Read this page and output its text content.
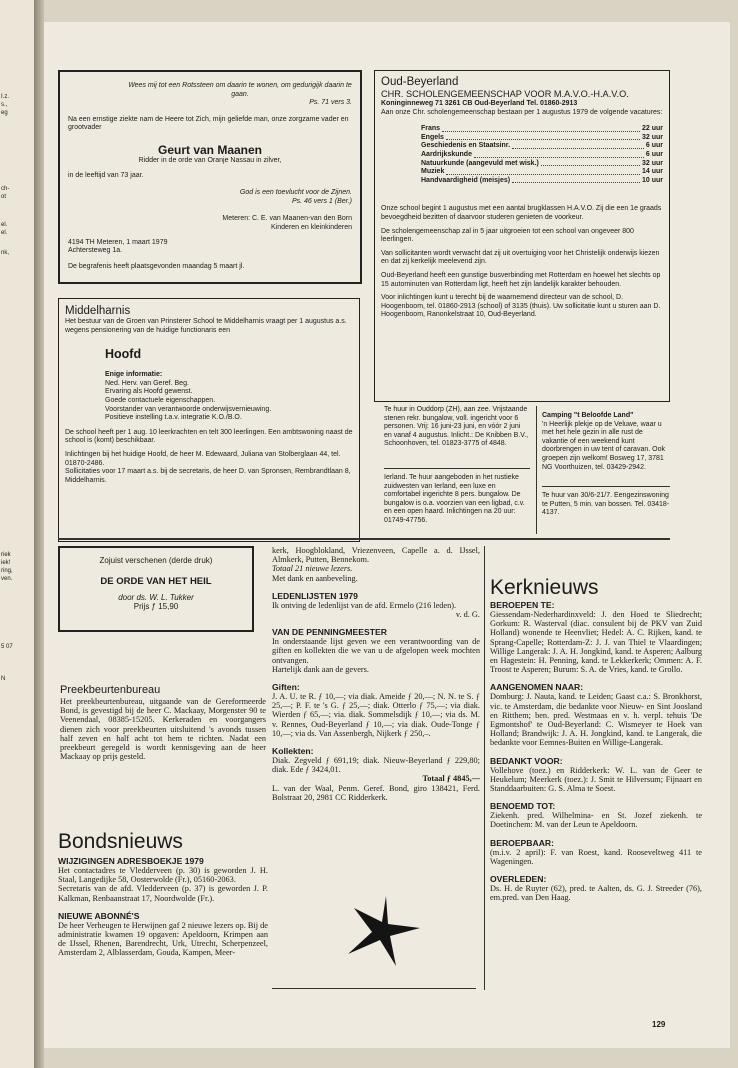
I.z.
s.,
eg
ch-
ot
el.
el.
nk,
riek
iek!
ring,
ven.
5 07
N

Wees mij tot een Rotssteen om daarin te wonen, om gedurigijk daarin te gaan.

Ps. 71 vers 3.

Na een ernstige ziekte nam de Heere tot Zich, mijn geliefde man, onze zorgzame vader en grootvader

Geurt van Maanen

Ridder in de orde van Oranje Nassau in zilver,

in de leeftijd van 73 jaar.

God is een toevlucht voor de Zijnen.

Ps. 46 vers 1 (Ber.)

Meteren: C. E. van Maanen-van den Born

Kinderen en kleinkinderen

4194 TH Meteren, 1 maart 1979

Achtersteweg 1a.

De begrafenis heeft plaatsgevonden maandag 5 maart jl.

Middelharnis

Het bestuur van de Groen van Prinsterer School te Middelharnis vraagt per 1 augustus a.s. wegens pensionering van de huidige functionaris een

Hoofd

Enige informatie:

Ned. Herv. van Geref. Beg.

Ervaring als Hoofd gewenst.

Goede contactuele eigenschappen.

Voorstander van verantwoorde onderwijsvernieuwing.

Positieve instelling t.a.v. integratie K.O./B.O.

De school heeft per 1 aug. 10 leerkrachten en telt 300 leerlingen. Een ambtswoning naast de school is (komt) beschikbaar.

Inlichtingen bij het huidige Hoofd, de heer M. Edewaard, Juliana van Stolberglaan 44, tel. 01870-2486.

Sollicitaties voor 17 maart a.s. bij de secretaris, de heer D. van Spronsen, Rembrandtlaan 8, Middelharnis.

Oud-Beyerland

CHR. SCHOLENGEMEENSCHAP VOOR M.A.V.O.-H.A.V.O.

Koninginneweg 71 3261 CB Oud-Beyerland Tel. 01860-2913

Aan onze Chr. scholengemeenschap bestaan per 1 augustus 1979 de volgende vacatures:

Frans	22 uur
Engels	32 uur
Geschiedenis en Staatsinr.	6 uur
Aardrijkskunde	6 uur
Natuurkunde (aangevuld met wisk.)	32 uur
Muziek	14 uur
Handvaardigheid (meisjes)	10 uur

Onze school begint 1 augustus met een aantal brugklassen H.A.V.O. Zij die een 1e graads bevoegdheid bezitten of daarvoor studeren genieten de voorkeur.

De scholengemeenschap zal in 5 jaar uitgroeien tot een school van ongeveer 800 leerlingen.

Van sollicitanten wordt verwacht dat zij uit overtuiging voor het Christelijk onderwijs kiezen en dat zij kerkelijk meelevend zijn.

Oud-Beyerland heeft een gunstige busverbinding met Rotterdam en hoewel het slechts op 15 autominuten van Rotterdam ligt, heeft het zijn landelijk karakter behouden.

Voor inlichtingen kunt u terecht bij de waarnemend directeur van de school, D. Hoogenboom, tel. 01860-2913 (school) of 3135 (thuis). Uw sollicitatie kunt u sturen aan D. Hoogenboom, Ranonkelstraat 10, Oud-Beyerland.

Te huur in Ouddorp (ZH), aan zee. Vrijstaande stenen rekr. bungalow, voll. ingericht voor 6 personen. Vrij: 16 juni-23 juni, en vóór 2 juni en vanaf 4 augustus. Inlicht.: De Knibben B.V., Schoonhoven, tel. 01823-3775 of 4848.

Ierland. Te huur aangeboden in het rustieke zuidwesten van Ierland, een luxe en comfortabel ingerichte 8 pers. bungalow. De bungalow is o.a. voorzien van een ligbad, c.v. en een open haard. Inlichtingen na 20 uur: 01749-47756.

Camping "t Beloofde Land"

'n Heerlijk plekje op de Veluwe, waar u met het hele gezin in alle rust de vakantie of een weekend kunt doorbrengen in uw tent of caravan. Ook groepen zijn welkom! Bosweg 17, 3781 NG Voorthuizen, tel. 03429-2942.

Te huur van 30/6-21/7. Eengezinswoning te Putten, 5 min. van bossen. Tel. 03418-4137.

Zojuist verschenen (derde druk)

DE ORDE VAN HET HEIL

door ds. W. L. Tukker

Prijs ƒ 15,90

Preekbeurtenbureau

Het preekbeurtenbureau, uitgaande van de Gereformeerde Bond, is gevestigd bij de heer C. Mackaay, Morgenster 90 te Veenendaal, 08385-15205. Kerkeraden en voorgangers dienen zich voor preekbeurten uitsluitend 's avonds tussen half zeven en half acht tot hem te richten. Nadat een preekbeurt geregeld is wordt kennisgeving aan de heer Mackaay op prijs gesteld.

Bondsnieuws

WIJZIGINGEN ADRESBOEKJE 1979

Het contactadres te Vledderveen (p. 30) is geworden J. H. Staal, Langedijke 58, Oosterwolde (Fr.), 05160-2063.

Secretaris van de afd. Vledderveen (p. 37) is geworden J. P. Kalkman, Renbaanstraat 17, Noordwolde (Fr.).

NIEUWE ABONNÉ'S

De heer Verheugen te Herwijnen gaf 2 nieuwe lezers op. Bij de administratie kwamen 19 opgaven: Apeldoorn, Krimpen aan de IJssel, Rhenen, Barendrecht, Urk, Utrecht, Scherpenzeel, Amsterdam 2, Alblasserdam, Gouda, Kampen, Meer-

kerk, Hoogblokland, Vriezenveen, Capelle a. d. IJssel, Almkerk, Putten, Bennekom.

Totaal 21 nieuwe lezers.

Met dank en aanbeveling.

LEDENLIJSTEN 1979

Ik ontving de ledenlijst van de afd. Ermelo (216 leden).

v. d. G.

VAN DE PENNINGMEESTER

In onderstaande lijst geven we een verantwoording van de giften en kollekten die we van u de afgelopen week mochten ontvangen.

Hartelijk dank aan de gevers.

Giften:

J. A. U. te R. ƒ 10,—; via diak. Ameide ƒ 20,—; N. N. te S. ƒ 25,—; P. F. te 's G. ƒ 25,—; diak. Otterlo ƒ 75,—; via diak. Wierden ƒ 65,—; via. diak. Sommelsdijk ƒ 10,—; via ds. M. v. Rennes, Oud-Beyerland ƒ 10,—; via diak. Oude-Tonge ƒ 10,—; via ds. Van Assenbergh, Nijkerk ƒ 250,–.

Kollekten:

Diak. Zegveld ƒ 691,19; diak. Nieuw-Beyerland ƒ 229,80; diak. Ede ƒ 3424,01.

Totaal ƒ 4845,—

L. van der Waal, Penm. Geref. Bond, giro 138421, Ferd. Bolstraat 20, 2981 CC Ridderkerk.

Kerknieuws

BEROEPEN TE:

Giessendam-Nederhardinxveld: J. den Hoed te Sliedrecht; Gorkum: R. Wasterval (diac. consulent bij de PKV van Zuid Holland) wonende te Heenvliet; Hedel: A. C. Rijken, kand. te Sprang-Capelle; Rotterdam-Z: J. J. van Thiel te Vlaardingen; Willige Langerak: J. A. H. Jongkind, kand. te Asperen; Aalburg en Hagestein: H. Penning, kand. te Lekkerkerk; Ommen: A. F. Troost te Asperen; Burum: S. A. de Vries, kand. te Grollo.

AANGENOMEN NAAR:

Domburg: J. Nauta, kand. te Leiden; Gaast c.a.: S. Bronkhorst, vic. te Amsterdam, die bedankte voor Nieuw- en Sint Joosland en Ritthem; ben. pred. Westmaas en v. h. verpl. tehuis 'De Egmontshof' te Oud-Beyerland: C. Wismeyer te Hoek van Holland; Brandwijk: J. A. H. Jongkind, kand. te Langerak, die bedankte voor Eemnes-Buiten en Willige-Langerak.

BEDANKT VOOR:

Vollehove (toez.) en Ridderkerk: W. L. van de Geer te Heukelum; Meerkerk (toez.): J. Smit te Hilversum; Fijnaart en Standdaarbuiten: G. S. Alma te Soest.

BENOEMD TOT:

Ziekenh. pred. Wilhelmina- en St. Jozef ziekenh. te Doetinchem: M. van der Leun te Apeldoorn.

BEROEPBAAR:

(m.i.v. 2 april): F. van Roest, kand. Rooseveltweg 411 te Wageningen.

OVERLEDEN:

Ds. H. de Ruyter (62), pred. te Aalten, ds. G. J. Streeder (76), em.pred. van Den Haag.

129
